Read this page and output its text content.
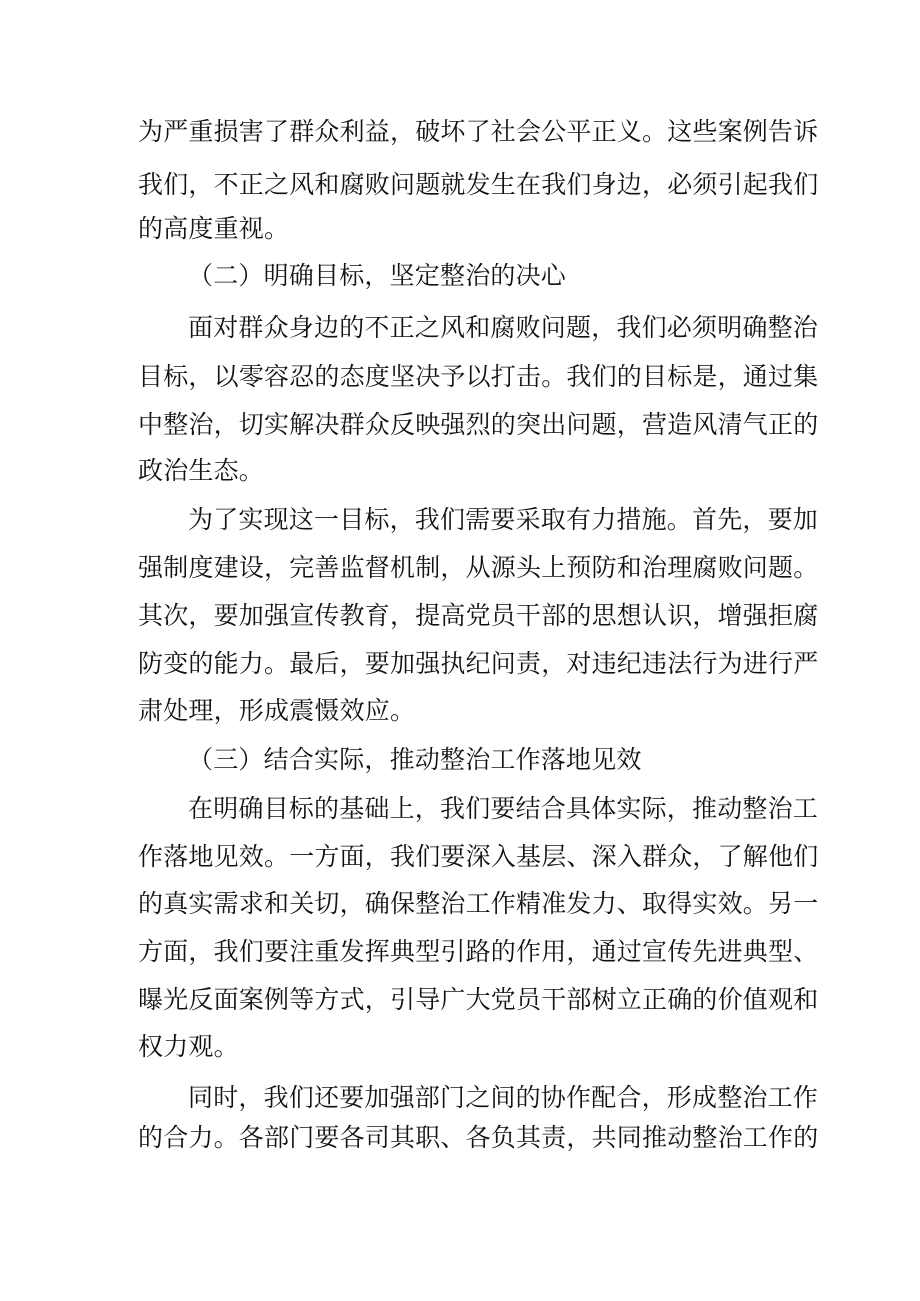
为严重损害了群众利益，破坏了社会公平正义。这些案例告诉
我们，不正之风和腐败问题就发生在我们身边，必须引起我们
的高度重视。
（二）明确目标，坚定整治的决心
面对群众身边的不正之风和腐败问题，我们必须明确整治
目标，以零容忍的态度坚决予以打击。我们的目标是，通过集
中整治，切实解决群众反映强烈的突出问题，营造风清气正的
政治生态。
为了实现这一目标，我们需要采取有力措施。首先，要加
强制度建设，完善监督机制，从源头上预防和治理腐败问题。
其次，要加强宣传教育，提高党员干部的思想认识，增强拒腐
防变的能力。最后，要加强执纪问责，对违纪违法行为进行严
肃处理，形成震慑效应。
（三）结合实际，推动整治工作落地见效
在明确目标的基础上，我们要结合具体实际，推动整治工
作落地见效。一方面，我们要深入基层、深入群众，了解他们
的真实需求和关切，确保整治工作精准发力、取得实效。另一
方面，我们要注重发挥典型引路的作用，通过宣传先进典型、
曝光反面案例等方式，引导广大党员干部树立正确的价值观和
权力观。
同时，我们还要加强部门之间的协作配合，形成整治工作
的合力。各部门要各司其职、各负其责，共同推动整治工作的
